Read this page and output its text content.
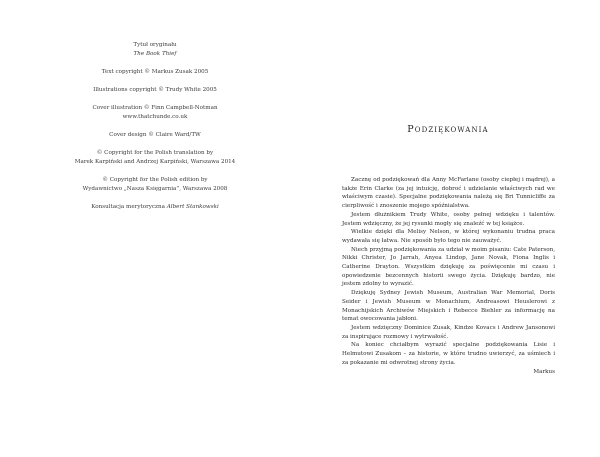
Tytuł oryginału

The Book Thief

Text copyright © Markus Zusak 2005

Illustrations copyright © Trudy White 2005

Cover illustration © Finn Campbell-Notman

www.thatchunde.co.uk

Cover design © Claire Ward/TW

© Copyright for the Polish translation by

Marek Karpiński and Andrzej Karpiński, Warszawa 2014

© Copyright for the Polish edition by

Wydawnictwo „Nasza Księgarnia”, Warszawa 2008

Konsultacja merytoryczna Albert Stankowski

Podziękowania

Zacznę od podziękowań dla Anny McFarlane (osoby ciepłej i mądrej), a także Erin Clarke (za jej intuicję, dobroć i udzielanie właściwych rad we właściwym czasie). Specjalne podziękowania należą się Bri Tunnicliffe za cierpliwość i znoszenie mojego spóźnialstwa.

Jestem dłużnikiem Trudy White, osoby pełnej wdzięku i talentów. Jestem wdzięczny, że jej rysunki mogły się znaleźć w tej książce.

Wielkie dzięki dla Melisy Nelson, w której wykonaniu trudna praca wydawała się łatwa. Nie sposób było tego nie zauważyć.

Niech przyjmą podziękowania za udział w moim pisaniu: Cate Paterson, Nikki Christer, Jo Jarrah, Anyea Lindop, Jane Novak, Fiona Inglis i Catherine Drayton. Wszystkim dziękuję za poświęcenie mi czasu i opowiedzenie bezcennych historii swego życia. Dziękuję bardzo, nie jestem zdolny to wyrazić.

Dziękuję Sydney Jewish Museum, Australian War Memorial, Doris Seider i Jewish Museum w Monachium, Andreasowi Heuslerowi z Monachijskich Archiwów Miejskich i Rebecce Biehler za informację na temat owocowania jabłoni.

Jestem wdzięczny Dominice Zusak, Kindze Kovacs i Andrew Jansonowi za inspirujące rozmowy i wytrwałość.

Na koniec chciałbym wyrazić specjalne podziękowania Lisie i Helmutowi Zusakom – za historie, w które trudno uwierzyć, za uśmiech i za pokazanie mi odwrotnej strony życia.

Markus
